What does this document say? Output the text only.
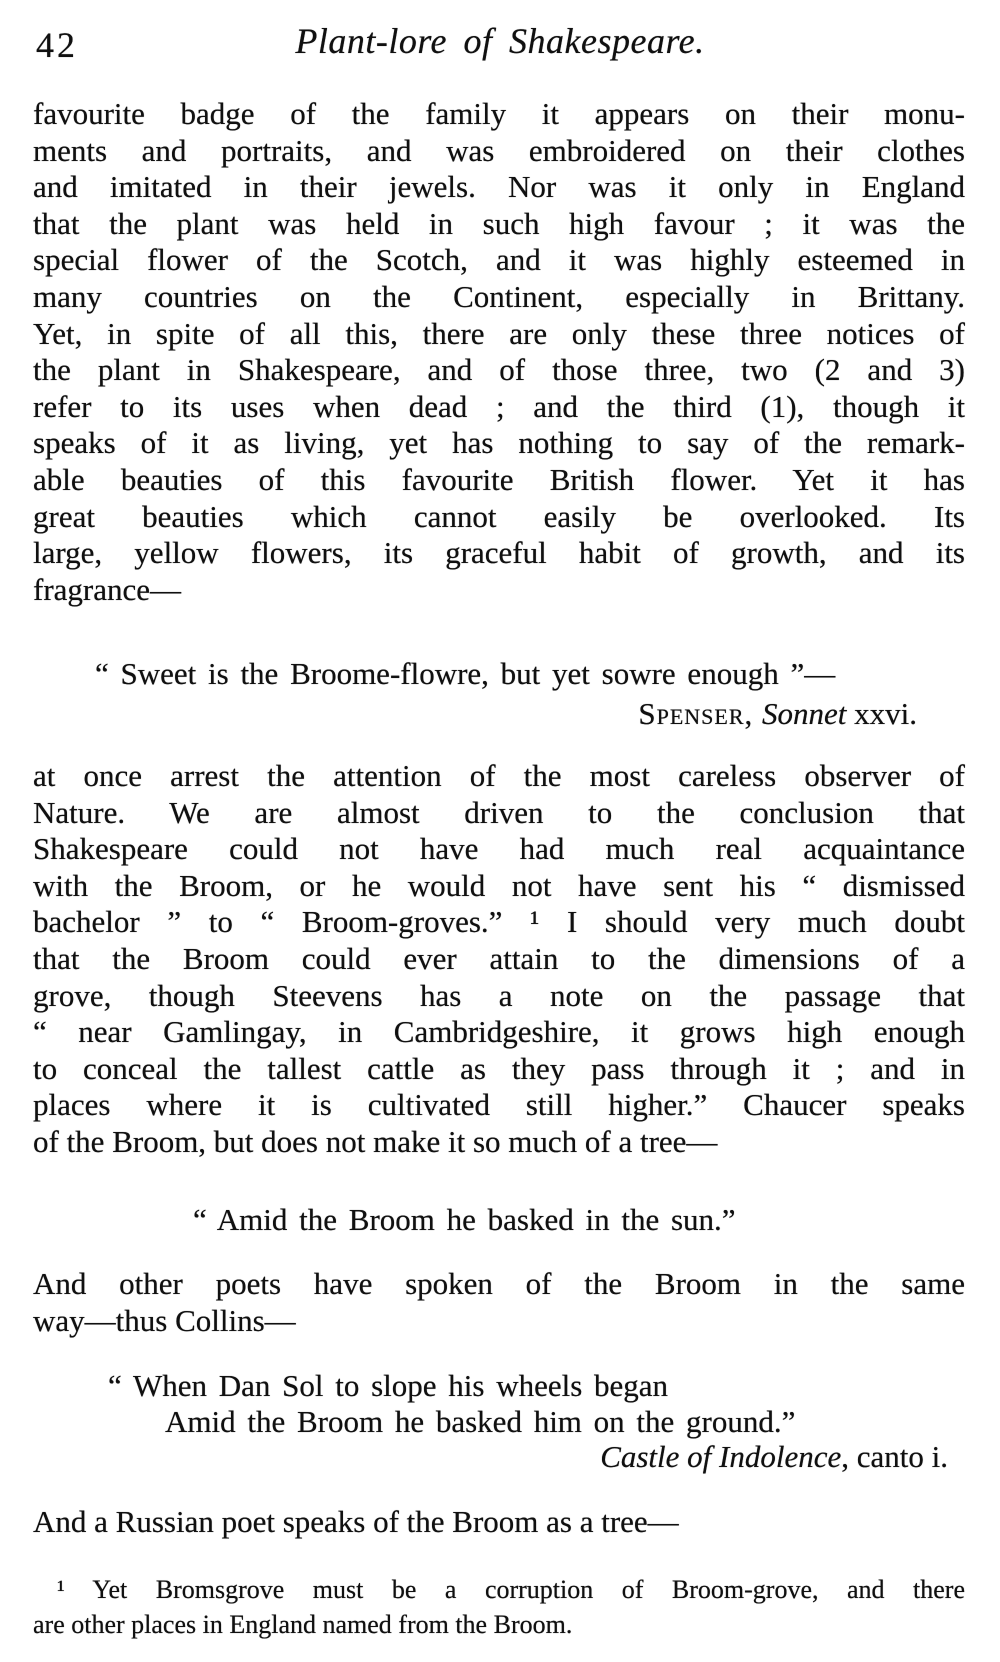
42	Plant-lore of Shakespeare.
favourite badge of the family it appears on their monu-
ments and portraits, and was embroidered on their clothes
and imitated in their jewels. Nor was it only in England
that the plant was held in such high favour ; it was the
special flower of the Scotch, and it was highly esteemed in
many countries on the Continent, especially in Brittany.
Yet, in spite of all this, there are only these three notices of
the plant in Shakespeare, and of those three, two (2 and 3)
refer to its uses when dead ; and the third (1), though it
speaks of it as living, yet has nothing to say of the remark-
able beauties of this favourite British flower. Yet it has
great beauties which cannot easily be overlooked. Its
large, yellow flowers, its graceful habit of growth, and its
fragrance—
“ Sweet is the Broome-flowre, but yet sowre enough ”—
Spenser, Sonnet xxvi.
at once arrest the attention of the most careless observer of
Nature. We are almost driven to the conclusion that
Shakespeare could not have had much real acquaintance
with the Broom, or he would not have sent his “ dismissed
bachelor ” to “ Broom-groves.” ¹ I should very much doubt
that the Broom could ever attain to the dimensions of a
grove, though Steevens has a note on the passage that
“ near Gamlingay, in Cambridgeshire, it grows high enough
to conceal the tallest cattle as they pass through it ; and in
places where it is cultivated still higher.” Chaucer speaks
of the Broom, but does not make it so much of a tree—
“ Amid the Broom he basked in the sun.”
And other poets have spoken of the Broom in the same
way—thus Collins—
“ When Dan Sol to slope his wheels began
Amid the Broom he basked him on the ground.”
Castle of Indolence, canto i.
And a Russian poet speaks of the Broom as a tree—
¹ Yet Bromsgrove must be a corruption of Broom-grove, and there
are other places in England named from the Broom.
